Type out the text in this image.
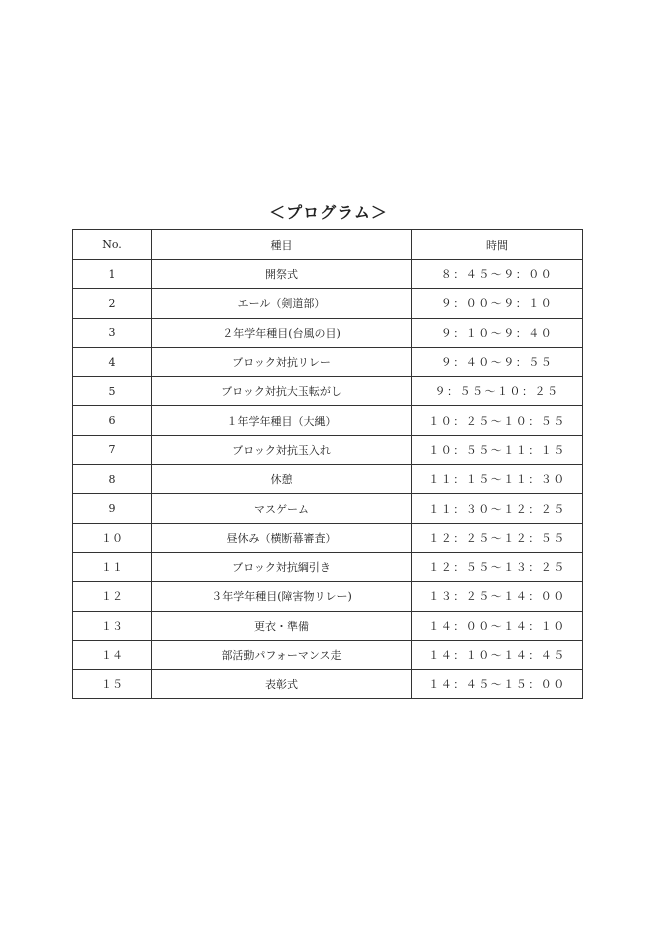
＜プログラム＞
No.	種目	時間
1	開祭式	８：４５～９：００
2	エール（剣道部）	９：００～９：１０
3	２年学年種目(台風の目)	９：１０～９：４０
4	ブロック対抗リレー	９：４０～９：５５
5	ブロック対抗大玉転がし	９：５５～１０：２５
6	１年学年種目（大縄）	１０：２５～１０：５５
7	ブロック対抗玉入れ	１０：５５～１１：１５
8	休憩	１１：１５～１１：３０
9	マスゲーム	１１：３０～１２：２５
１０	昼休み（横断幕審査）	１２：２５～１２：５５
１１	ブロック対抗綱引き	１２：５５～１３：２５
１２	３年学年種目(障害物リレー)	１３：２５～１４：００
１３	更衣・準備	１４：００～１４：１０
１４	部活動パフォーマンス走	１４：１０～１４：４５
１５	表彰式	１４：４５～１５：００
